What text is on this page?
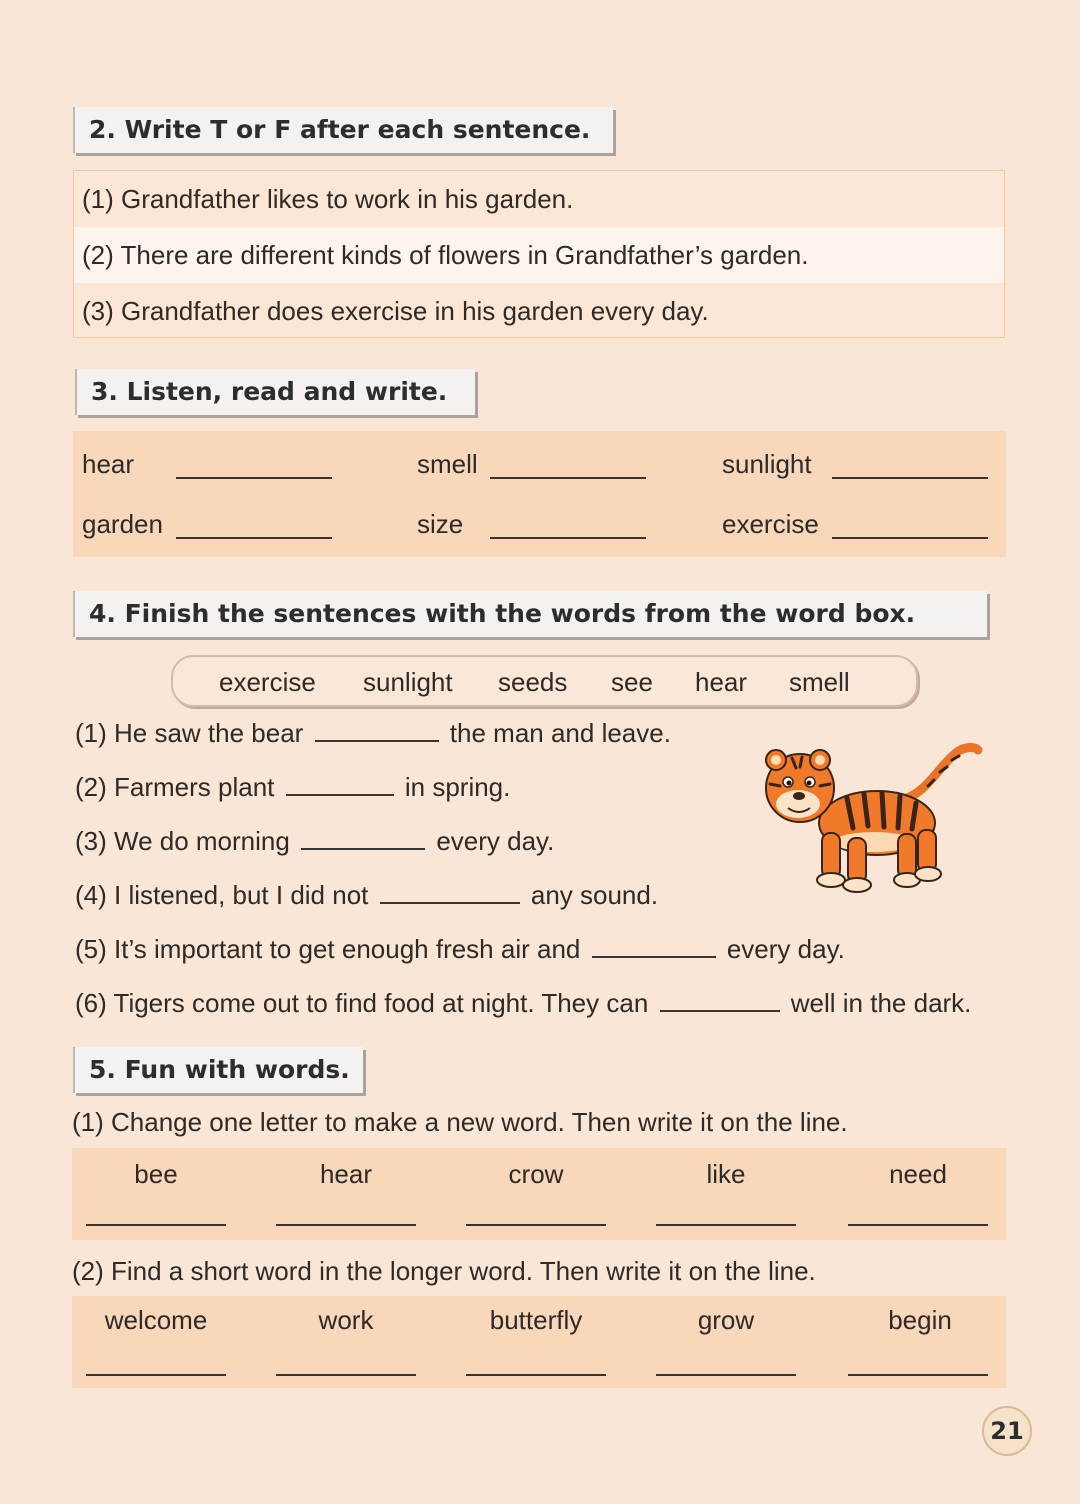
2. Write T or F after each sentence.
(1) Grandfather likes to work in his garden.
(2) There are different kinds of flowers in Grandfather’s garden.
(3) Grandfather does exercise in his garden every day.
3. Listen, read and write.
hear	smell	sunlight
garden	size	exercise
4. Finish the sentences with the words from the word box.
exercise sunlight seeds see hear smell
(1) He saw the bear	the man and leave.
(2) Farmers plant	in spring.
(3) We do morning	every day.
(4) I listened, but I did not	any sound.
(5) It’s important to get enough fresh air and	every day.
(6) Tigers come out to find food at night. They can	well in the dark.
5. Fun with words.
(1) Change one letter to make a new word. Then write it on the line.
bee	hear	crow	like	need
(2) Find a short word in the longer word. Then write it on the line.
welcome	work	butterfly	grow	begin
21
